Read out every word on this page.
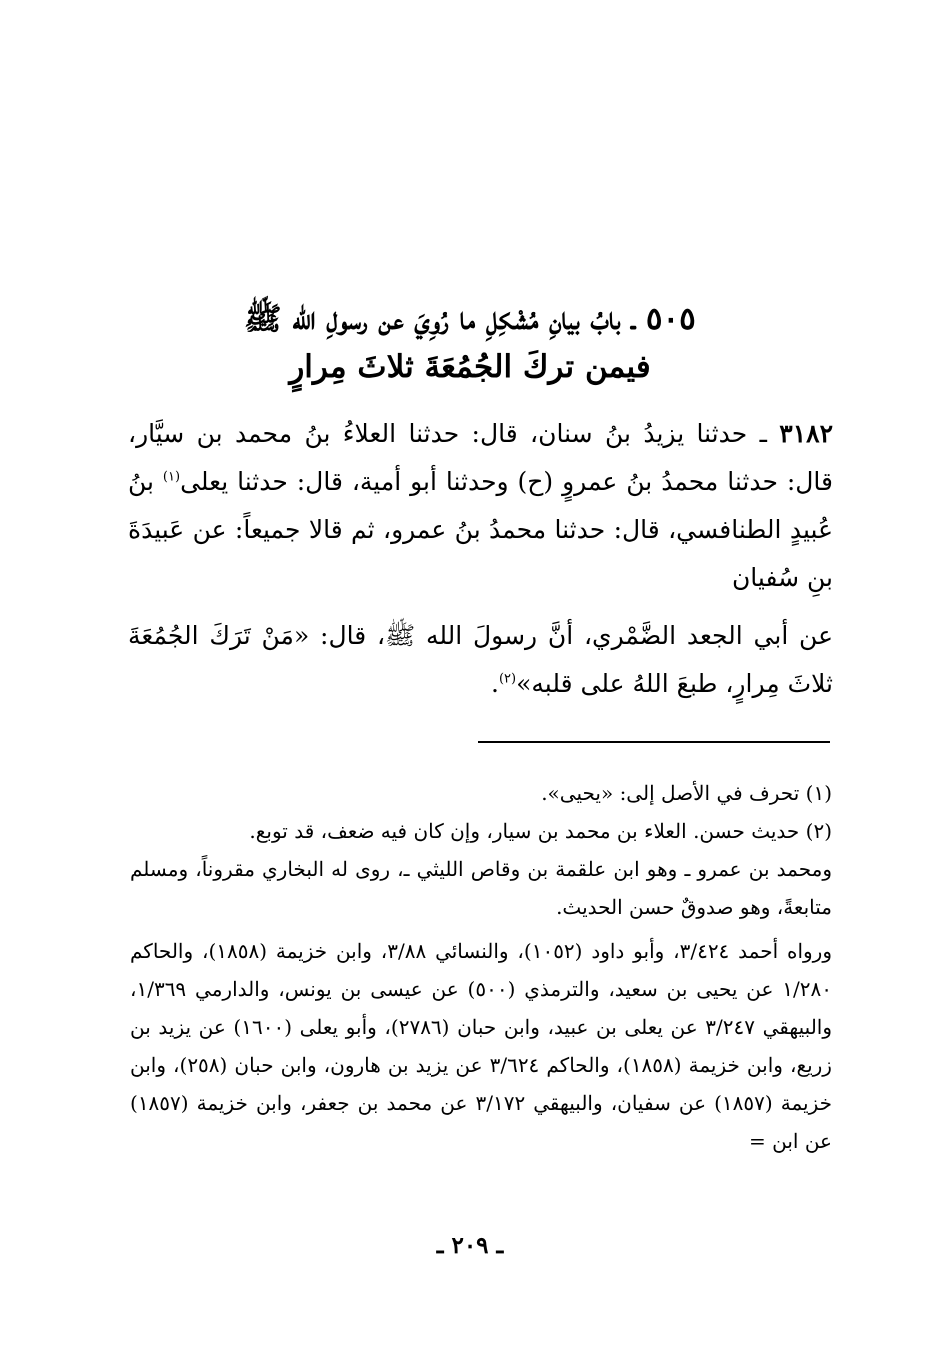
٥٠٥ ـ بابُ بيانِ مُشْكِلِ ما رُوِيَ عن رسولِ الله ﷺ
فيمن تركَ الجُمُعَةَ ثلاثَ مِرارٍ

٣١٨٢ ـ حدثنا يزيدُ بنُ سنان، قال: حدثنا العلاءُ بنُ محمد بن سيَّار، قال: حدثنا محمدُ بنُ عمروٍ (ح) وحدثنا أبو أمية، قال: حدثنا يعلى$^{(١)}$ بنُ عُبيدٍ الطنافسي، قال: حدثنا محمدُ بنُ عمرو، ثم قالا جميعاً: عن عَبيدَةَ بنِ سُفيان

عن أبي الجعد الضَّمْري، أنَّ رسولَ الله ﷺ، قال: «مَنْ تَرَكَ الجُمُعَةَ ثلاثَ مِرارٍ، طبعَ اللهُ على قلبه»$^{(٢)}$.

(١) تحرف في الأصل إلى: «يحيى».

(٢) حديث حسن. العلاء بن محمد بن سيار، وإن كان فيه ضعف، قد توبع.

ومحمد بن عمرو ـ وهو ابن علقمة بن وقاص الليثي ـ، روى له البخاري مقروناً، ومسلم متابعةً، وهو صدوقٌ حسن الحديث.

ورواه أحمد ٣/٤٢٤، وأبو داود (١٠٥٢)، والنسائي ٣/٨٨، وابن خزيمة (١٨٥٨)، والحاكم ١/٢٨٠ عن يحيى بن سعيد، والترمذي (٥٠٠) عن عيسى بن يونس، والدارمي ١/٣٦٩، والبيهقي ٣/٢٤٧ عن يعلى بن عبيد، وابن حبان (٢٧٨٦)، وأبو يعلى (١٦٠٠) عن يزيد بن زريع، وابن خزيمة (١٨٥٨)، والحاكم ٣/٦٢٤ عن يزيد بن هارون، وابن حبان (٢٥٨)، وابن خزيمة (١٨٥٧) عن سفيان، والبيهقي ٣/١٧٢ عن محمد بن جعفر، وابن خزيمة (١٨٥٧) عن ابن =

ـ ٢٠٩ ـ
